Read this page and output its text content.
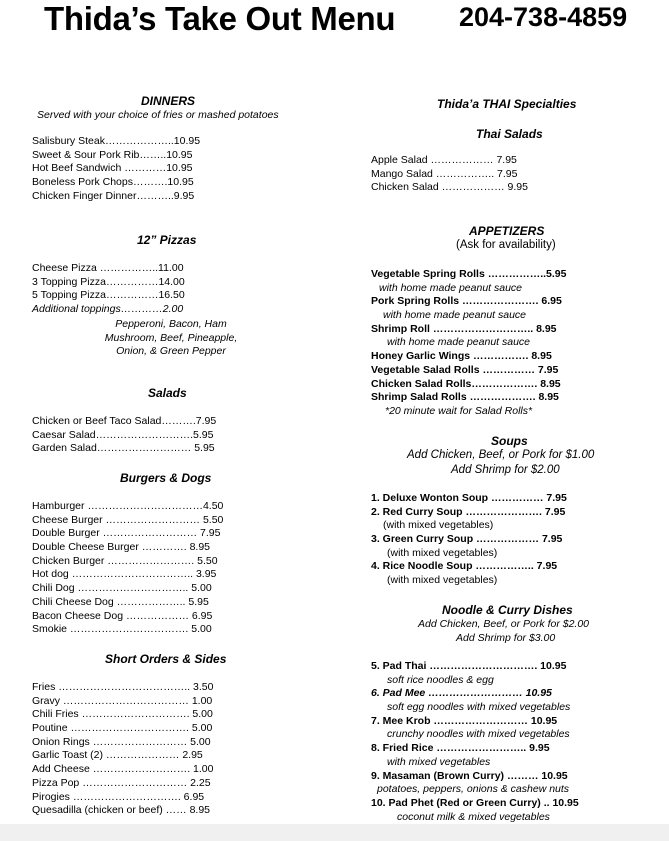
Thida’s Take Out Menu 204-738-4859
DINNERS
Served with your choice of fries or mashed potatoes
Salisbury Steak………………..10.95
Sweet & Sour Pork Rib……..10.95
Hot Beef Sandwich …………10.95
Boneless Pork Chops……….10.95
Chicken Finger Dinner………..9.95
12” Pizzas
Cheese Pizza ……………..11.00
3 Topping Pizza……………14.00
5 Topping Pizza……………16.50
Additional toppings…………2.00
Pepperoni, Bacon, Ham
Mushroom, Beef, Pineapple,
Onion, & Green Pepper
Salads
Chicken or Beef Taco Salad……….7.95
Caesar Salad……………………….5.95
Garden Salad……………………… 5.95
Burgers & Dogs
Hamburger ……………………………4.50
Cheese Burger ……………………… 5.50
Double Burger ……………………… 7.95
Double Cheese Burger …………. 8.95
Chicken Burger ……………………. 5.50
Hot dog …………………………….. 3.95
Chili Dog ………………………….. 5.00
Chili Cheese Dog ……………….. 5.95
Bacon Cheese Dog ……………… 6.95
Smokie ……………………………. 5.00
Short Orders & Sides
Fries ……………………………….. 3.50
Gravy ……………………………… 1.00
Chili Fries …………………………. 5.00
Poutine ……………………………. 5.00
Onion Rings ……………………… 5.00
Garlic Toast (2) ………………… 2.95
Add Cheese ………………………. 1.00
Pizza Pop ………………………… 2.25
Pirogies …………………………. 6.95
Quesadilla (chicken or beef) …… 8.95
Thida’a THAI Specialties
Thai Salads
Apple Salad ……………… 7.95
Mango Salad …………….. 7.95
Chicken Salad ……………… 9.95
APPETIZERS
(Ask for availability)
Vegetable Spring Rolls ……………..5.95
with home made peanut sauce
Pork Spring Rolls …………………. 6.95
with home made peanut sauce
Shrimp Roll ……………………….. 8.95
with home made peanut sauce
Honey Garlic Wings ……………. 8.95
Vegetable Salad Rolls …………… 7.95
Chicken Salad Rolls………………. 8.95
Shrimp Salad Rolls ………………. 8.95
*20 minute wait for Salad Rolls*
Soups
Add Chicken, Beef, or Pork for $1.00
Add Shrimp for $2.00
1. Deluxe Wonton Soup …………… 7.95
2. Red Curry Soup …………………. 7.95
(with mixed vegetables)
3. Green Curry Soup ……………… 7.95
(with mixed vegetables)
4. Rice Noodle Soup …………….. 7.95
(with mixed vegetables)
Noodle & Curry Dishes
Add Chicken, Beef, or Pork for $2.00
Add Shrimp for $3.00
5. Pad Thai …………………………. 10.95
soft rice noodles & egg
6. Pad Mee ……………………… 10.95
soft egg noodles with mixed vegetables
7. Mee Krob ……………………… 10.95
crunchy noodles with mixed vegetables
8. Fried Rice …………………….. 9.95
with mixed vegetables
9. Masaman (Brown Curry) ……… 10.95
potatoes, peppers, onions & cashew nuts
10. Pad Phet (Red or Green Curry) .. 10.95
coconut milk & mixed vegetables
